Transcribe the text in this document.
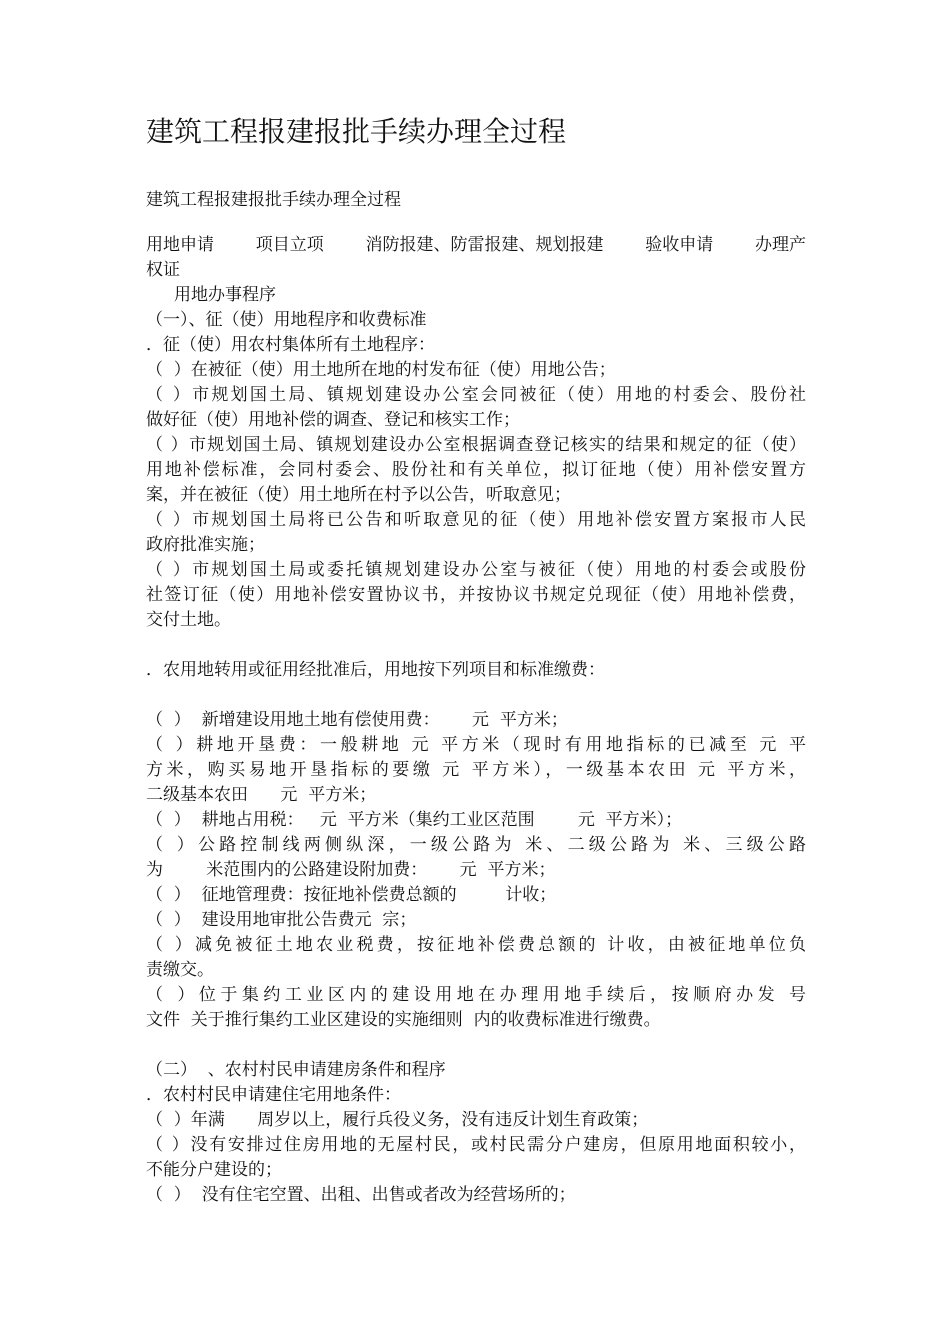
建筑工程报建报批手续办理全过程

建筑工程报建报批手续办理全过程

用地申请 项目立项 消防报建、防雷报建、规划报建 验收申请 办理产
权证
用地办事程序
（一）、征（使）用地程序和收费标准
．征（使）用农村集体所有土地程序：
（  ）在被征（使）用土地所在地的村发布征（使）用地公告；
（ ）市规划国土局、镇规划建设办公室会同被征（使）用地的村委会、股份社
做好征（使）用地补偿的调查、登记和核实工作；
（ ）市规划国土局、镇规划建设办公室根据调查登记核实的结果和规定的征（使）
用地补偿标准，会同村委会、股份社和有关单位，拟订征地（使）用补偿安置方
案，并在被征（使）用土地所在村予以公告，听取意见；
（ ）市规划国土局将已公告和听取意见的征（使）用地补偿安置方案报市人民
政府批准实施；
（ ）市规划国土局或委托镇规划建设办公室与被征（使）用地的村委会或股份
社签订征（使）用地补偿安置协议书，并按协议书规定兑现征（使）用地补偿费，
交付土地。
．农用地转用或征用经批准后，用地按下列项目和标准缴费：
（  ）  新增建设用地土地有偿使用费：      元  平方米；
（ ）耕地开垦费：一般耕地 元 平方米（现时有用地指标的已减至 元 平
方米，购买易地开垦指标的要缴 元 平方米），一级基本农田 元 平方米，
二级基本农田      元  平方米；
（  ）  耕地占用税：   元  平方米（集约工业区范围        元  平方米）；
（ ）公路控制线两侧纵深，一级公路为 米、二级公路为 米、三级公路
为        米范围内的公路建设附加费：      元  平方米；
（  ）  征地管理费：按征地补偿费总额的         计收；
（  ）  建设用地审批公告费元  宗；
（ ）减免被征土地农业税费，按征地补偿费总额的 计收，由被征地单位负
责缴交。
（ ）位于集约工业区内的建设用地在办理用地手续后，按顺府办发 号
文件  关于推行集约工业区建设的实施细则  内的收费标准进行缴费。
（二）  、农村村民申请建房条件和程序
．农村村民申请建住宅用地条件：
（  ）年满      周岁以上，履行兵役义务，没有违反计划生育政策；
（ ）没有安排过住房用地的无屋村民，或村民需分户建房，但原用地面积较小，
不能分户建设的；
（  ）  没有住宅空置、出租、出售或者改为经营场所的；
